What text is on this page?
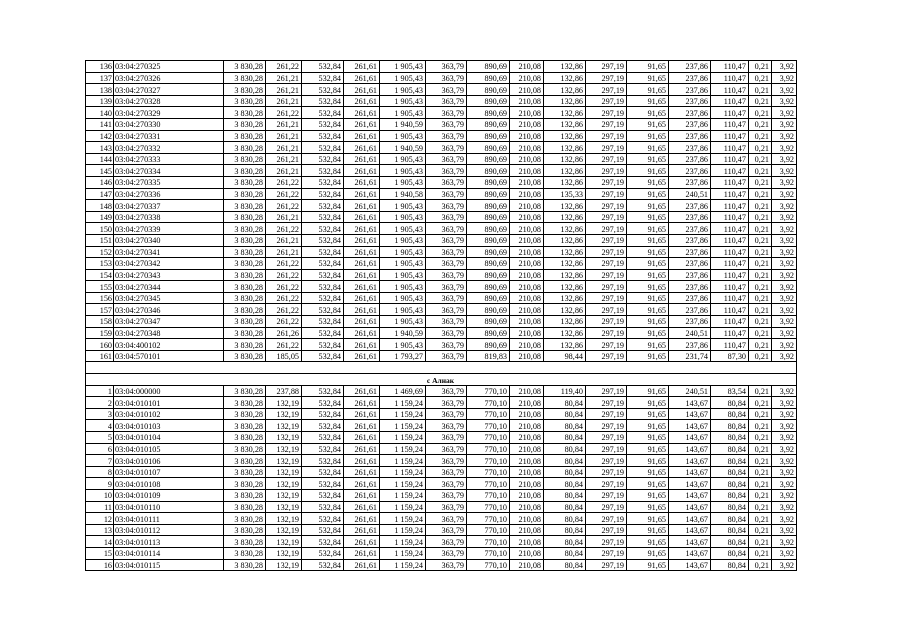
136	03:04:270325	3 830,28	261,22	532,84	261,61	1 905,43	363,79	890,69	210,08	132,86	297,19	91,65	237,86	110,47	0,21	3,92
137	03:04:270326	3 830,28	261,21	532,84	261,61	1 905,43	363,79	890,69	210,08	132,86	297,19	91,65	237,86	110,47	0,21	3,92
138	03:04:270327	3 830,28	261,21	532,84	261,61	1 905,43	363,79	890,69	210,08	132,86	297,19	91,65	237,86	110,47	0,21	3,92
139	03:04:270328	3 830,28	261,21	532,84	261,61	1 905,43	363,79	890,69	210,08	132,86	297,19	91,65	237,86	110,47	0,21	3,92
140	03:04:270329	3 830,28	261,22	532,84	261,61	1 905,43	363,79	890,69	210,08	132,86	297,19	91,65	237,86	110,47	0,21	3,92
141	03:04:270330	3 830,28	261,21	532,84	261,61	1 940,59	363,79	890,69	210,08	132,86	297,19	91,65	237,86	110,47	0,21	3,92
142	03:04:270331	3 830,28	261,21	532,84	261,61	1 905,43	363,79	890,69	210,08	132,86	297,19	91,65	237,86	110,47	0,21	3,92
143	03:04:270332	3 830,28	261,21	532,84	261,61	1 940,59	363,79	890,69	210,08	132,86	297,19	91,65	237,86	110,47	0,21	3,92
144	03:04:270333	3 830,28	261,21	532,84	261,61	1 905,43	363,79	890,69	210,08	132,86	297,19	91,65	237,86	110,47	0,21	3,92
145	03:04:270334	3 830,28	261,21	532,84	261,61	1 905,43	363,79	890,69	210,08	132,86	297,19	91,65	237,86	110,47	0,21	3,92
146	03:04:270335	3 830,28	261,22	532,84	261,61	1 905,43	363,79	890,69	210,08	132,86	297,19	91,65	237,86	110,47	0,21	3,92
147	03:04:270336	3 830,28	261,22	532,84	261,61	1 940,58	363,79	890,69	210,08	135,33	297,19	91,65	240,51	110,47	0,21	3,92
148	03:04:270337	3 830,28	261,22	532,84	261,61	1 905,43	363,79	890,69	210,08	132,86	297,19	91,65	237,86	110,47	0,21	3,92
149	03:04:270338	3 830,28	261,21	532,84	261,61	1 905,43	363,79	890,69	210,08	132,86	297,19	91,65	237,86	110,47	0,21	3,92
150	03:04:270339	3 830,28	261,22	532,84	261,61	1 905,43	363,79	890,69	210,08	132,86	297,19	91,65	237,86	110,47	0,21	3,92
151	03:04:270340	3 830,28	261,21	532,84	261,61	1 905,43	363,79	890,69	210,08	132,86	297,19	91,65	237,86	110,47	0,21	3,92
152	03:04:270341	3 830,28	261,21	532,84	261,61	1 905,43	363,79	890,69	210,08	132,86	297,19	91,65	237,86	110,47	0,21	3,92
153	03:04:270342	3 830,28	261,22	532,84	261,61	1 905,43	363,79	890,69	210,08	132,86	297,19	91,65	237,86	110,47	0,21	3,92
154	03:04:270343	3 830,28	261,22	532,84	261,61	1 905,43	363,79	890,69	210,08	132,86	297,19	91,65	237,86	110,47	0,21	3,92
155	03:04:270344	3 830,28	261,22	532,84	261,61	1 905,43	363,79	890,69	210,08	132,86	297,19	91,65	237,86	110,47	0,21	3,92
156	03:04:270345	3 830,28	261,22	532,84	261,61	1 905,43	363,79	890,69	210,08	132,86	297,19	91,65	237,86	110,47	0,21	3,92
157	03:04:270346	3 830,28	261,22	532,84	261,61	1 905,43	363,79	890,69	210,08	132,86	297,19	91,65	237,86	110,47	0,21	3,92
158	03:04:270347	3 830,28	261,22	532,84	261,61	1 905,43	363,79	890,69	210,08	132,86	297,19	91,65	237,86	110,47	0,21	3,92
159	03:04:270348	3 830,28	261,26	532,84	261,61	1 940,59	363,79	890,69	210,08	132,86	297,19	91,65	240,51	110,47	0,21	3,92
160	03:04:400102	3 830,28	261,22	532,84	261,61	1 905,43	363,79	890,69	210,08	132,86	297,19	91,65	237,86	110,47	0,21	3,92
161	03:04:570101	3 830,28	185,05	532,84	261,61	1 793,27	363,79	819,83	210,08	98,44	297,19	91,65	231,74	87,30	0,21	3,92

с Алнак																
1	03:04:000000	3 830,28	237,88	532,84	261,61	1 469,69	363,79	770,10	210,08	119,40	297,19	91,65	240,51	83,54	0,21	3,92
2	03:04:010101	3 830,28	132,19	532,84	261,61	1 159,24	363,79	770,10	210,08	80,84	297,19	91,65	143,67	80,84	0,21	3,92
3	03:04:010102	3 830,28	132,19	532,84	261,61	1 159,24	363,79	770,10	210,08	80,84	297,19	91,65	143,67	80,84	0,21	3,92
4	03:04:010103	3 830,28	132,19	532,84	261,61	1 159,24	363,79	770,10	210,08	80,84	297,19	91,65	143,67	80,84	0,21	3,92
5	03:04:010104	3 830,28	132,19	532,84	261,61	1 159,24	363,79	770,10	210,08	80,84	297,19	91,65	143,67	80,84	0,21	3,92
6	03:04:010105	3 830,28	132,19	532,84	261,61	1 159,24	363,79	770,10	210,08	80,84	297,19	91,65	143,67	80,84	0,21	3,92
7	03:04:010106	3 830,28	132,19	532,84	261,61	1 159,24	363,79	770,10	210,08	80,84	297,19	91,65	143,67	80,84	0,21	3,92
8	03:04:010107	3 830,28	132,19	532,84	261,61	1 159,24	363,79	770,10	210,08	80,84	297,19	91,65	143,67	80,84	0,21	3,92
9	03:04:010108	3 830,28	132,19	532,84	261,61	1 159,24	363,79	770,10	210,08	80,84	297,19	91,65	143,67	80,84	0,21	3,92
10	03:04:010109	3 830,28	132,19	532,84	261,61	1 159,24	363,79	770,10	210,08	80,84	297,19	91,65	143,67	80,84	0,21	3,92
11	03:04:010110	3 830,28	132,19	532,84	261,61	1 159,24	363,79	770,10	210,08	80,84	297,19	91,65	143,67	80,84	0,21	3,92
12	03:04:010111	3 830,28	132,19	532,84	261,61	1 159,24	363,79	770,10	210,08	80,84	297,19	91,65	143,67	80,84	0,21	3,92
13	03:04:010112	3 830,28	132,19	532,84	261,61	1 159,24	363,79	770,10	210,08	80,84	297,19	91,65	143,67	80,84	0,21	3,92
14	03:04:010113	3 830,28	132,19	532,84	261,61	1 159,24	363,79	770,10	210,08	80,84	297,19	91,65	143,67	80,84	0,21	3,92
15	03:04:010114	3 830,28	132,19	532,84	261,61	1 159,24	363,79	770,10	210,08	80,84	297,19	91,65	143,67	80,84	0,21	3,92
16	03:04:010115	3 830,28	132,19	532,84	261,61	1 159,24	363,79	770,10	210,08	80,84	297,19	91,65	143,67	80,84	0,21	3,92
